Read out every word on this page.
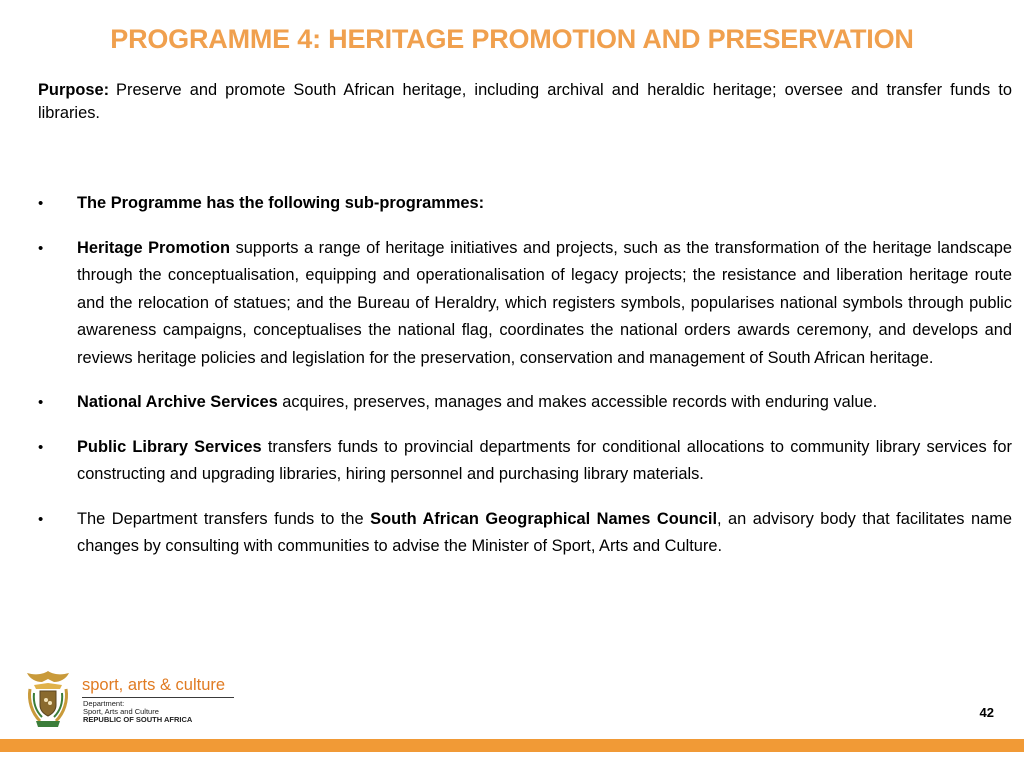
PROGRAMME 4: HERITAGE PROMOTION AND PRESERVATION

Purpose: Preserve and promote South African heritage, including archival and heraldic heritage; oversee and transfer funds to libraries.

•	The Programme has the following sub-programmes:
•	Heritage Promotion supports a range of heritage initiatives and projects, such as the transformation of the heritage landscape through the conceptualisation, equipping and operationalisation of legacy projects; the resistance and liberation heritage route and the relocation of statues; and the Bureau of Heraldry, which registers symbols, popularises national symbols through public awareness campaigns, conceptualises the national flag, coordinates the national orders awards ceremony, and develops and reviews heritage policies and legislation for the preservation, conservation and management of South African heritage.
•	National Archive Services acquires, preserves, manages and makes accessible records with enduring value.
•	Public Library Services transfers funds to provincial departments for conditional allocations to community library services for constructing and upgrading libraries, hiring personnel and purchasing library materials.
•	The Department transfers funds to the South African Geographical Names Council, an advisory body that facilitates name changes by consulting with communities to advise the Minister of Sport, Arts and Culture.
sport, arts & culture
Department:
Sport, Arts and Culture
REPUBLIC OF SOUTH AFRICA	42
